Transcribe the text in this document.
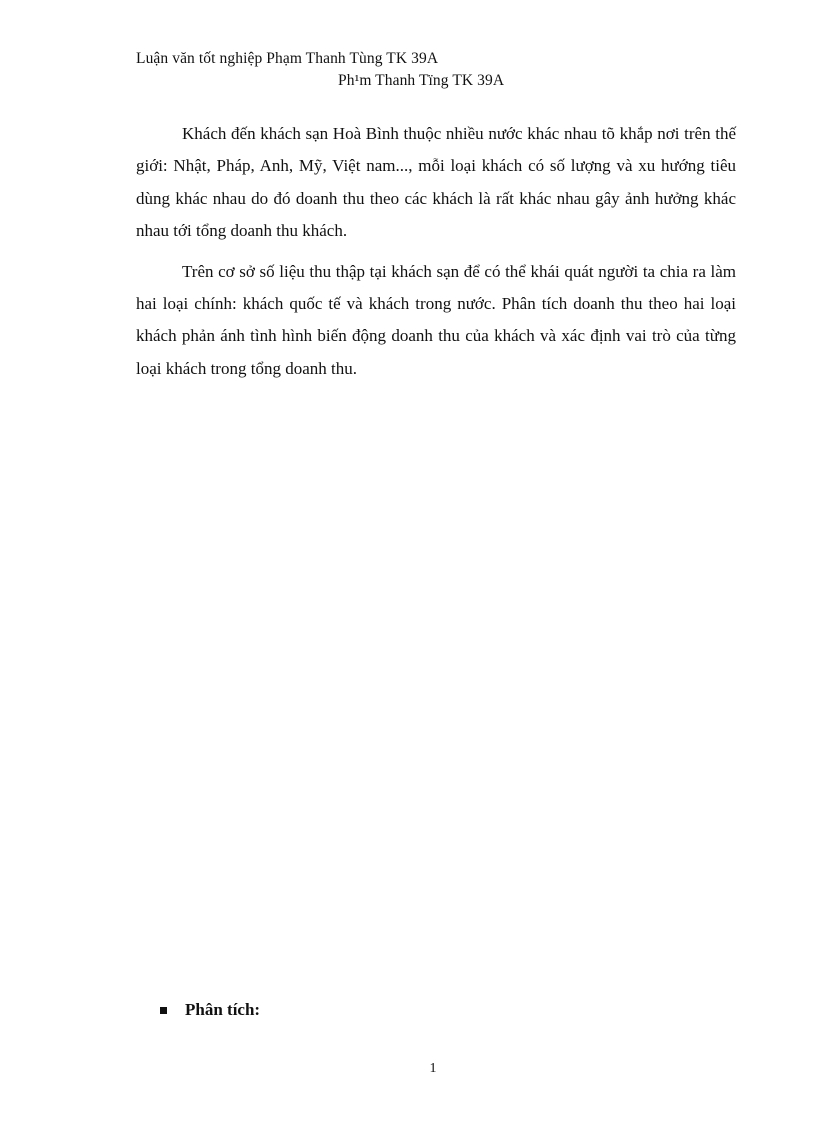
Luận văn tốt nghiệp Phạm Thanh Tùng TK 39A
Ph¹m Thanh Tïng TK 39A

Khách đến khách sạn Hoà Bình thuộc nhiều nước khác nhau tõ khắp nơi trên thế giới: Nhật, Pháp, Anh, Mỹ, Việt nam..., mỗi loại khách có số lượng và xu hướng tiêu dùng khác nhau do đó doanh thu theo các khách là rất khác nhau gây ảnh hưởng khác nhau tới tổng doanh thu khách.

Trên cơ sở số liệu thu thập tại khách sạn để có thể khái quát người ta chia ra làm hai loại chính: khách quốc tế và khách trong nước. Phân tích doanh thu theo hai loại khách phản ánh tình hình biến động doanh thu của khách và xác định vai trò của từng loại khách trong tổng doanh thu.

Phân tích:
1
